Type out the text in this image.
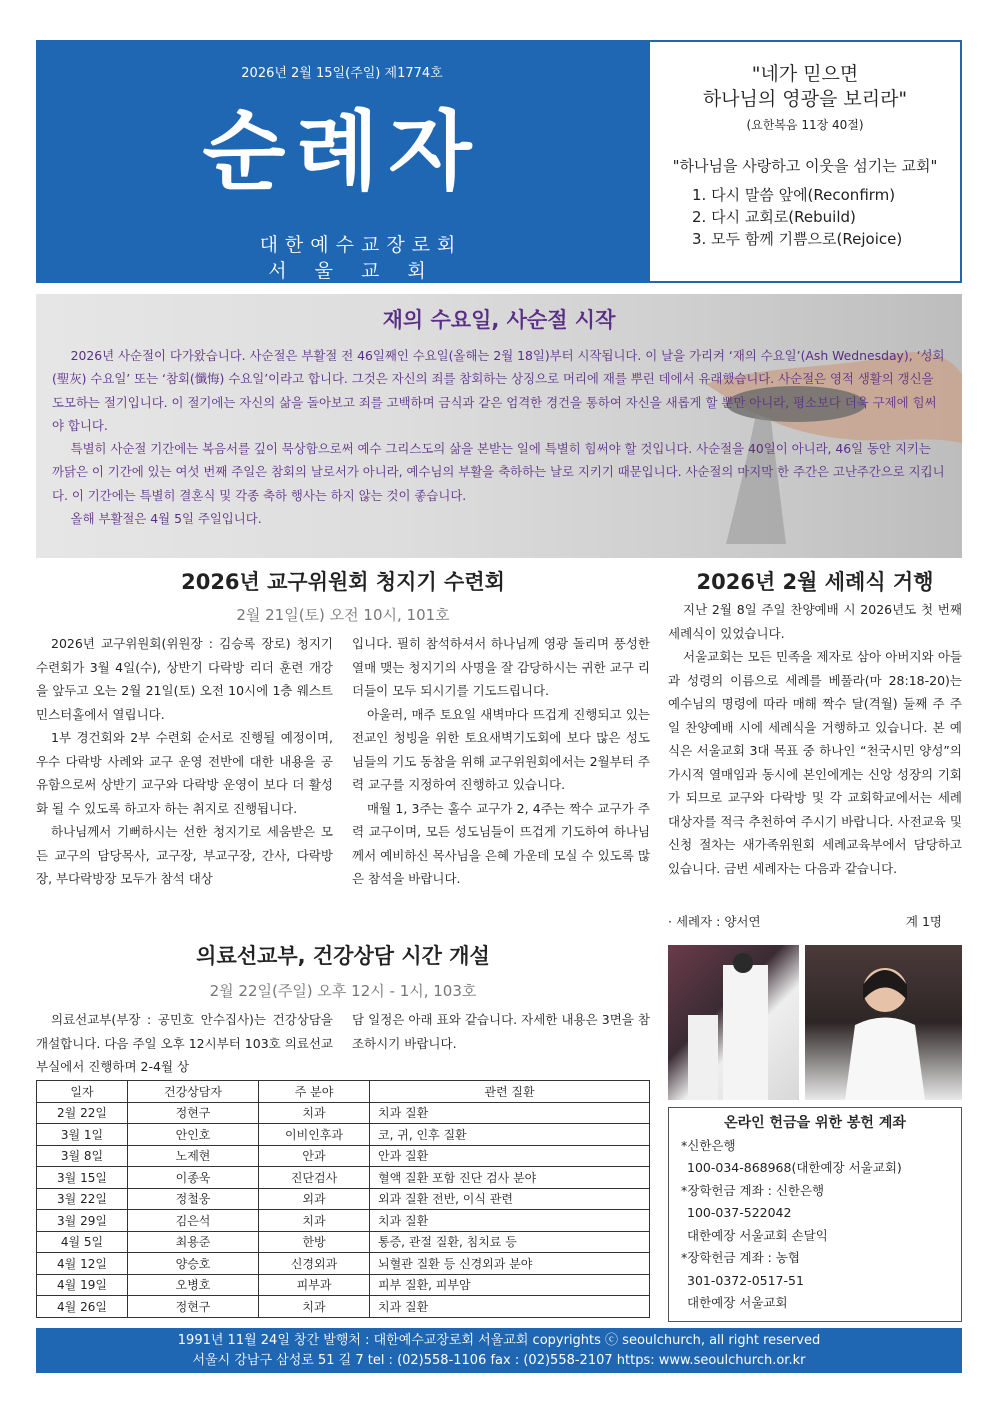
2026년 2월 15일(주일) 제1774호
순례자
대한예수교장로회
서울교회
"네가 믿으면
하나님의 영광을 보리라"
(요한복음 11장 40절)
"하나님을 사랑하고 이웃을 섬기는 교회"
1. 다시 말씀 앞에(Reconfirm)
2. 다시 교회로(Rebuild)
3. 모두 함께 기쁨으로(Rejoice)
재의 수요일, 사순절 시작

2026년 사순절이 다가왔습니다. 사순절은 부활절 전 46일째인 수요일(올해는 2월 18일)부터 시작됩니다. 이 날을 가리켜 ‘재의 수요일’(Ash Wednesday), ‘성회(聖灰) 수요일’ 또는 ‘참회(懺悔) 수요일’이라고 합니다. 그것은 자신의 죄를 참회하는 상징으로 머리에 재를 뿌린 데에서 유래했습니다. 사순절은 영적 생활의 갱신을 도모하는 절기입니다. 이 절기에는 자신의 삶을 돌아보고 죄를 고백하며 금식과 같은 엄격한 경건을 통하여 자신을 새롭게 할 뿐만 아니라, 평소보다 더욱 구제에 힘써야 합니다.

특별히 사순절 기간에는 복음서를 깊이 묵상함으로써 예수 그리스도의 삶을 본받는 일에 특별히 힘써야 할 것입니다. 사순절을 40일이 아니라, 46일 동안 지키는 까닭은 이 기간에 있는 여섯 번째 주일은 참회의 날로서가 아니라, 예수님의 부활을 축하하는 날로 지키기 때문입니다. 사순절의 마지막 한 주간은 고난주간으로 지킵니다. 이 기간에는 특별히 결혼식 및 각종 축하 행사는 하지 않는 것이 좋습니다.

올해 부활절은 4월 5일 주일입니다.

2026년 교구위원회 청지기 수련회
2월 21일(토) 오전 10시, 101호

2026년 교구위원회(위원장 : 김승록 장로) 청지기 수련회가 3월 4일(수), 상반기 다락방 리더 훈련 개강을 앞두고 오는 2월 21일(토) 오전 10시에 1층 웨스트민스터홀에서 열립니다.

1부 경건회와 2부 수련회 순서로 진행될 예정이며, 우수 다락방 사례와 교구 운영 전반에 대한 내용을 공유함으로써 상반기 교구와 다락방 운영이 보다 더 활성화 될 수 있도록 하고자 하는 취지로 진행됩니다.

하나님께서 기뻐하시는 선한 청지기로 세움받은 모든 교구의 담당목사, 교구장, 부교구장, 간사, 다락방장, 부다락방장 모두가 참석 대상

입니다. 필히 참석하셔서 하나님께 영광 돌리며 풍성한 열매 맺는 청지기의 사명을 잘 감당하시는 귀한 교구 리더들이 모두 되시기를 기도드립니다.

아울러, 매주 토요일 새벽마다 뜨겁게 진행되고 있는 전교인 청빙을 위한 토요새벽기도회에 보다 많은 성도님들의 기도 동참을 위해 교구위원회에서는 2월부터 주력 교구를 지정하여 진행하고 있습니다.

매월 1, 3주는 홀수 교구가 2, 4주는 짝수 교구가 주력 교구이며, 모든 성도님들이 뜨겁게 기도하여 하나님께서 예비하신 목사님을 은혜 가운데 모실 수 있도록 많은 참석을 바랍니다.

2026년 2월 세례식 거행

지난 2월 8일 주일 찬양예배 시 2026년도 첫 번째 세례식이 있었습니다.

서울교회는 모든 민족을 제자로 삼아 아버지와 아들과 성령의 이름으로 세례를 베풀라(마 28:18-20)는 예수님의 명령에 따라 매해 짝수 달(격월) 둘째 주 주일 찬양예배 시에 세례식을 거행하고 있습니다. 본 예식은 서울교회 3대 목표 중 하나인 “천국시민 양성”의 가시적 열매임과 동시에 본인에게는 신앙 성장의 기회가 되므로 교구와 다락방 및 각 교회학교에서는 세례 대상자를 적극 추천하여 주시기 바랍니다. 사전교육 및 신청 절차는 새가족위원회 세례교육부에서 담당하고 있습니다. 금번 세례자는 다음과 같습니다.

· 세례자 : 양서연	계 1명
의료선교부, 건강상담 시간 개설
2월 22일(주일) 오후 12시 - 1시, 103호

의료선교부(부장 : 공민호 안수집사)는 건강상담을 개설합니다. 다음 주일 오후 12시부터 103호 의료선교부실에서 진행하며 2-4월 상

담 일정은 아래 표와 같습니다. 자세한 내용은 3면을 참조하시기 바랍니다.

일자	건강상담자	주 분야	관련 질환
2월 22일	정현구	치과	치과 질환
3월 1일	안인호	이비인후과	코, 귀, 인후 질환
3월 8일	노제현	안과	안과 질환
3월 15일	이종욱	진단검사	혈액 질환 포함 진단 검사 분야
3월 22일	정철웅	외과	외과 질환 전반, 이식 관련
3월 29일	김은석	치과	치과 질환
4월 5일	최용준	한방	통증, 관절 질환, 침치료 등
4월 12일	양승호	신경외과	뇌혈관 질환 등 신경외과 분야
4월 19일	오병호	피부과	피부 질환, 피부암
4월 26일	정현구	치과	치과 질환
온라인 헌금을 위한 봉헌 계좌
*신한은행
100-034-868968(대한예장 서울교회)
*장학헌금 계좌 : 신한은행
100-037-522042
대한예장 서울교회 손달익
*장학헌금 계좌 : 농협
301-0372-0517-51
대한예장 서울교회
1991년 11월 24일 창간 발행처 : 대한예수교장로회 서울교회 copyrights ⓒ seoulchurch, all right reserved
서울시 강남구 삼성로 51 길 7 tel : (02)558-1106 fax : (02)558-2107 https: www.seoulchurch.or.kr
